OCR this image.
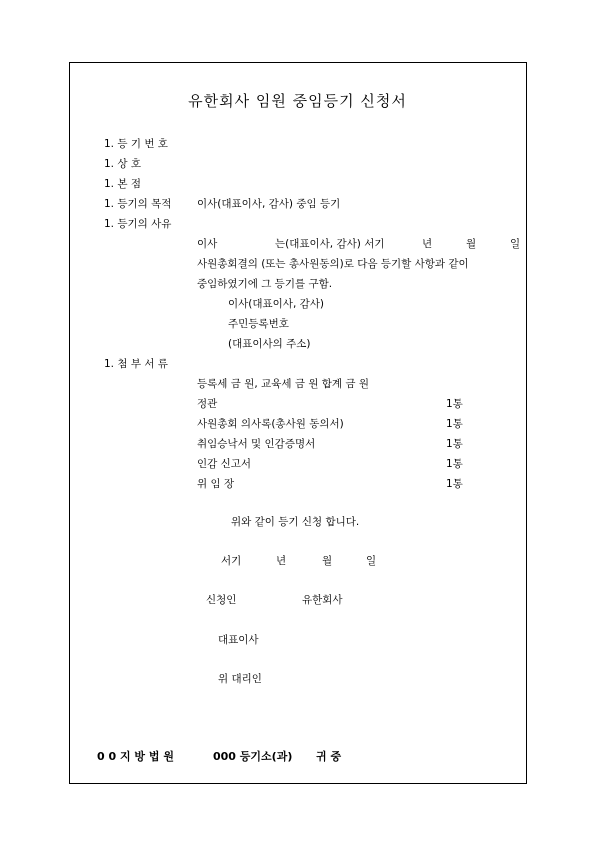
유한회사 임원 중임등기 신청서
1. 등 기 번 호
1. 상 호
1. 본 점
1. 등기의 목적 이사(대표이사, 감사) 중임 등기
1. 등기의 사유
이사	는(대표이사, 감사) 서기	년	월	일
사원총회결의 (또는 총사원동의)로 다음 등기할 사항과 같이
중임하였기에 그 등기를 구함.
이사(대표이사, 감사)
주민등록번호
(대표이사의 주소)
1. 첨 부 서 류
등록세 금 원, 교육세 금 원 합계 금 원
정관	1통
사원총회 의사록(총사원 동의서)	1통
취임승낙서 및 인감증명서	1통
인감 신고서	1통
위 임 장	1통
위와 같이 등기 신청 합니다.
서기	년	월	일
신청인	유한회사
대표이사
위 대리인
0 0 지 방 법 원	000 등기소(과) 귀 중
